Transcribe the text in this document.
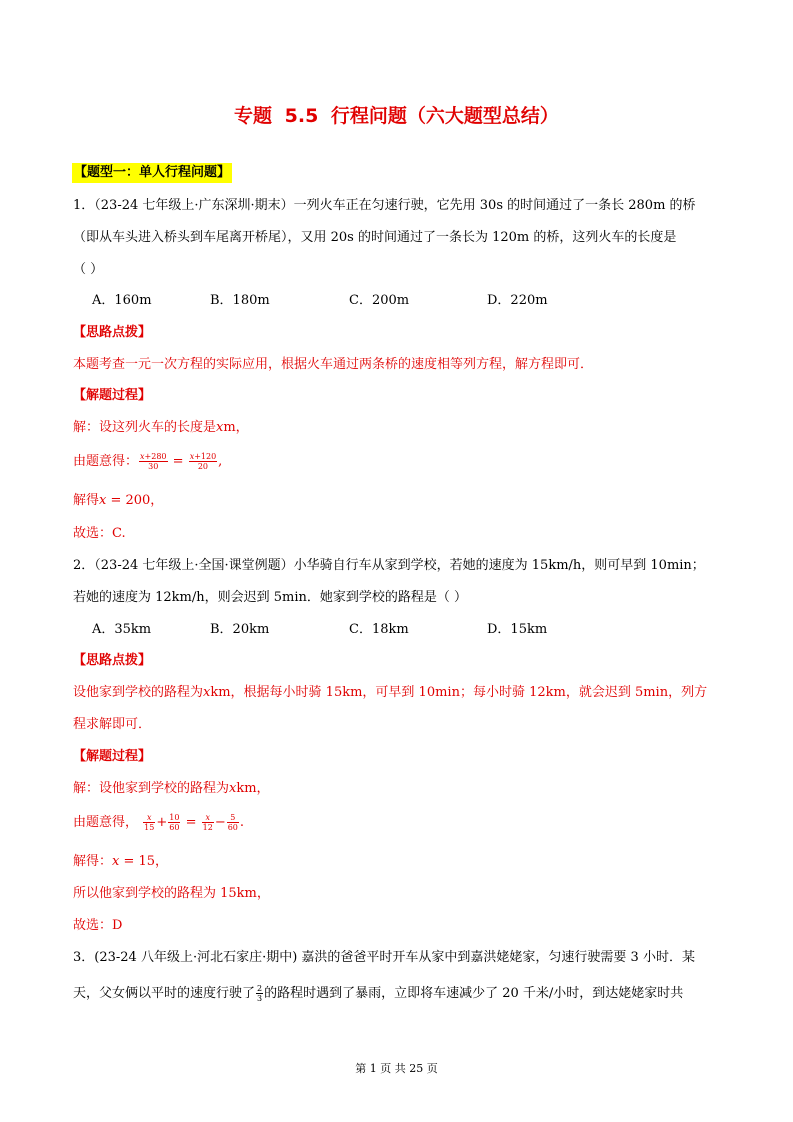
专题 5.5 行程问题（六大题型总结）
【题型一：单人行程问题】
1．（23-24 七年级上·广东深圳·期末）一列火车正在匀速行驶，它先用 30s 的时间通过了一条长 280m 的桥
（即从车头进入桥头到车尾离开桥尾），又用 20s 的时间通过了一条长为 120m 的桥，这列火车的长度是
（ ）
A．160m	B．180m	C．200m	D．220m
【思路点拨】
本题考查一元一次方程的实际应用，根据火车通过两条桥的速度相等列方程，解方程即可．
【解题过程】
解：设这列火车的长度是𝑥m，
由题意得： $\frac{\text{𝑥+280}}{30} = \frac{\text{𝑥+120}}{20}$ ,
解得𝑥 = 200，
故选：C.
2．（23-24 七年级上·全国·课堂例题）小华骑自行车从家到学校，若她的速度为 15km/h，则可早到 10min；
若她的速度为 12km/h，则会迟到 5min．她家到学校的路程是（ ）
A．35km	B．20km	C．18km	D．15km
【思路点拨】
设他家到学校的路程为𝑥km，根据每小时骑 15km，可早到 10min；每小时骑 12km，就会迟到 5min，列方
程求解即可．
【解题过程】
解：设他家到学校的路程为𝑥km，
由题意得， $\frac{\text{𝑥}}{15} + \frac{10}{60} = \frac{\text{𝑥}}{12} - \frac{5}{60}$ .
解得：𝑥 = 15，
所以他家到学校的路程为 15km，
故选：D
3．(23-24 八年级上·河北石家庄·期中) 嘉洪的爸爸平时开车从家中到嘉洪姥姥家，匀速行驶需要 3 小时．某
天，父女俩以平时的速度行驶了 $\frac{2}{3}$ 的路程时遇到了暴雨，立即将车速减少了 20 千米/小时，到达姥姥家时共
第 1 页 共 25 页
